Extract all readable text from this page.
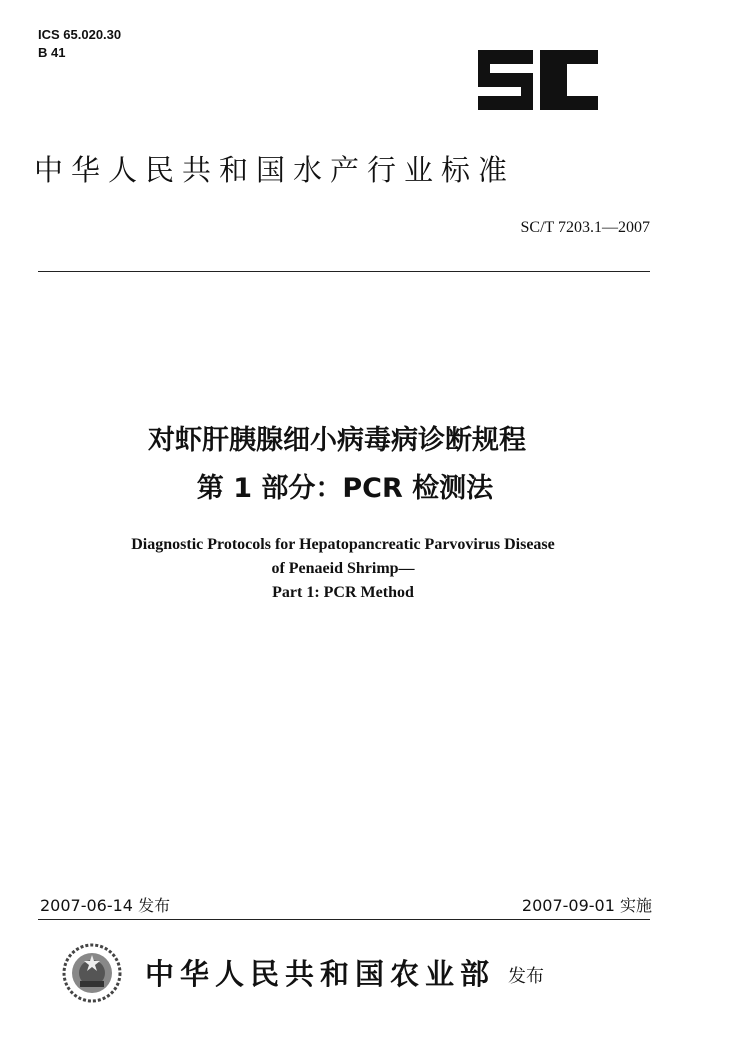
ICS 65.020.30
B 41
中华人民共和国水产行业标准
SC/T 7203.1—2007
对虾肝胰腺细小病毒病诊断规程
第 1 部分：PCR 检测法
Diagnostic Protocols for Hepatopancreatic Parvovirus Disease
of Penaeid Shrimp—
Part 1: PCR Method
2007-06-14 发布	2007-09-01 实施
中华人民共和国农业部 发布
